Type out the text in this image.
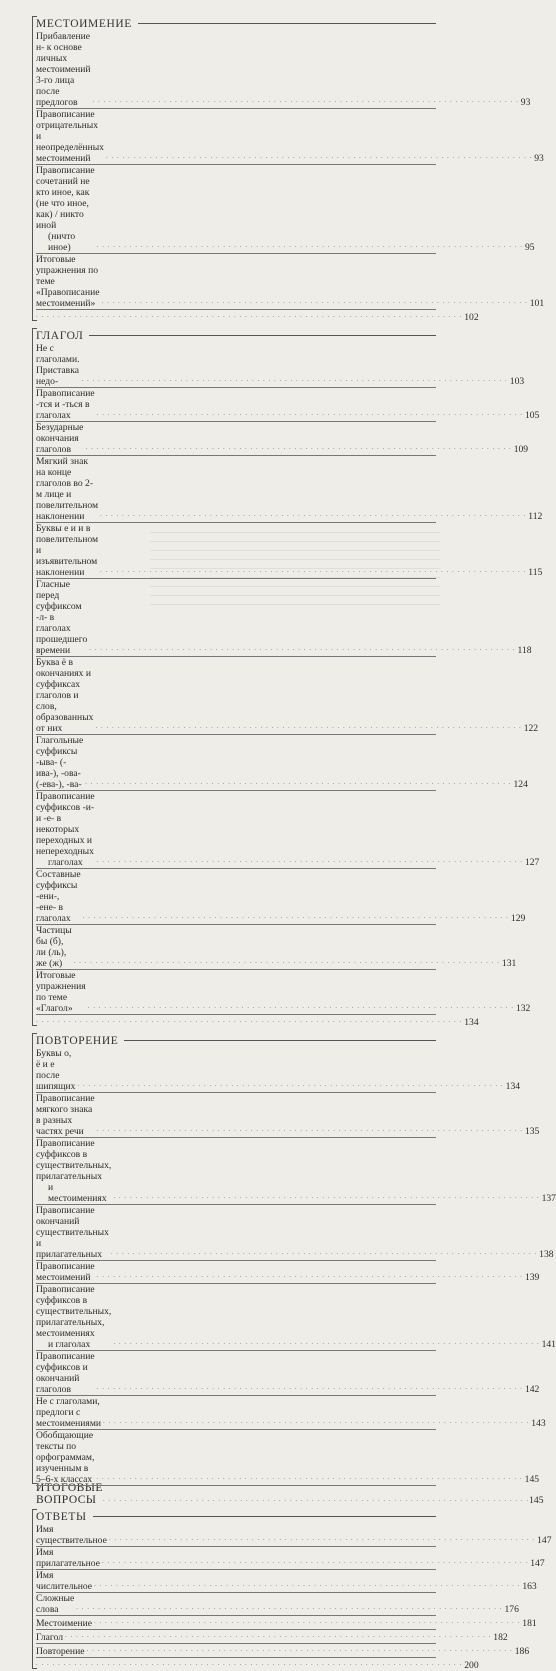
МЕСТОИМЕНИЕ
Прибавление н- к основе личных местоимений 3-го лица после предлогов	. . . . . . . . . . . . . . . . . . . . . . . . . . . . . . . . . . . . . . . . . . . . . . . . . . . . . . . . . . . . . . . . . . . . . . . . . . . . . . 93
Правописание отрицательных и неопределённых местоимений	. . . . . . . . . . . . . . . . . . . . . . . . . . . . . . . . . . . . . . . . . . . . . . . . . . . . . . . . . . . . . . . . . . . . . . . . . . . . . . 93
Правописание сочетаний не кто иное, как (не что иное, как) / никто иной
(ничто иное)	. . . . . . . . . . . . . . . . . . . . . . . . . . . . . . . . . . . . . . . . . . . . . . . . . . . . . . . . . . . . . . . . . . . . . . . . . . . . . . 95
Итоговые упражнения по теме «Правописание местоимений» . . . . . . . . . . . . . . . . . . . . . . . . . . . . . . . . . . . . . . . . . . . . . . . . . . . . . . . . . . . . . . . . . . . . . . . . . . . . . . 101
. . . . . . . . . . . . . . . . . . . . . . . . . . . . . . . . . . . . . . . . . . . . . . . . . . . . . . . . . . . . . . . . . . . . . . . . . . . . . . 102
ГЛАГОЛ
Не с глаголами. Приставка недо-	. . . . . . . . . . . . . . . . . . . . . . . . . . . . . . . . . . . . . . . . . . . . . . . . . . . . . . . . . . . . . . . . . . . . . . . . . . . . . . 103
Правописание -тся и -ться в глаголах	. . . . . . . . . . . . . . . . . . . . . . . . . . . . . . . . . . . . . . . . . . . . . . . . . . . . . . . . . . . . . . . . . . . . . . . . . . . . . . 105
Безударные окончания глаголов	. . . . . . . . . . . . . . . . . . . . . . . . . . . . . . . . . . . . . . . . . . . . . . . . . . . . . . . . . . . . . . . . . . . . . . . . . . . . . . 109
Мягкий знак на конце глаголов во 2-м лице и повелительном наклонении	. . . . . . . . . . . . . . . . . . . . . . . . . . . . . . . . . . . . . . . . . . . . . . . . . . . . . . . . . . . . . . . . . . . . . . . . . . . . . . 112
Буквы е и и в повелительном и изъявительном наклонении	. . . . . . . . . . . . . . . . . . . . . . . . . . . . . . . . . . . . . . . . . . . . . . . . . . . . . . . . . . . . . . . . . . . . . . . . . . . . . . 115
Гласные перед суффиксом -л- в глаголах прошедшего времени	. . . . . . . . . . . . . . . . . . . . . . . . . . . . . . . . . . . . . . . . . . . . . . . . . . . . . . . . . . . . . . . . . . . . . . . . . . . . . . 118
Буква ё в окончаниях и суффиксах глаголов и слов, образованных от них	. . . . . . . . . . . . . . . . . . . . . . . . . . . . . . . . . . . . . . . . . . . . . . . . . . . . . . . . . . . . . . . . . . . . . . . . . . . . . . 122
Глагольные суффиксы -ыва- (-ива-), -ова- (-ева-), -ва- . . . . . . . . . . . . . . . . . . . . . . . . . . . . . . . . . . . . . . . . . . . . . . . . . . . . . . . . . . . . . . . . . . . . . . . . . . . . . . 124
Правописание суффиксов -и- и -е- в некоторых переходных и непереходных
глаголах	. . . . . . . . . . . . . . . . . . . . . . . . . . . . . . . . . . . . . . . . . . . . . . . . . . . . . . . . . . . . . . . . . . . . . . . . . . . . . . 127
Составные суффиксы -ени-, -ене- в глаголах	. . . . . . . . . . . . . . . . . . . . . . . . . . . . . . . . . . . . . . . . . . . . . . . . . . . . . . . . . . . . . . . . . . . . . . . . . . . . . . 129
Частицы бы (б), ли (ль), же (ж)	. . . . . . . . . . . . . . . . . . . . . . . . . . . . . . . . . . . . . . . . . . . . . . . . . . . . . . . . . . . . . . . . . . . . . . . . . . . . . . 131
Итоговые упражнения по теме «Глагол»	. . . . . . . . . . . . . . . . . . . . . . . . . . . . . . . . . . . . . . . . . . . . . . . . . . . . . . . . . . . . . . . . . . . . . . . . . . . . . . 132
. . . . . . . . . . . . . . . . . . . . . . . . . . . . . . . . . . . . . . . . . . . . . . . . . . . . . . . . . . . . . . . . . . . . . . . . . . . . . . 134
ПОВТОРЕНИЕ
Буквы о, ё и е после шипящих . . . . . . . . . . . . . . . . . . . . . . . . . . . . . . . . . . . . . . . . . . . . . . . . . . . . . . . . . . . . . . . . . . . . . . . . . . . . . . 134
Правописание мягкого знака в разных частях речи	. . . . . . . . . . . . . . . . . . . . . . . . . . . . . . . . . . . . . . . . . . . . . . . . . . . . . . . . . . . . . . . . . . . . . . . . . . . . . . 135
Правописание суффиксов в существительных, прилагательных
и местоимениях . . . . . . . . . . . . . . . . . . . . . . . . . . . . . . . . . . . . . . . . . . . . . . . . . . . . . . . . . . . . . . . . . . . . . . . . . . . . . . 137
Правописание окончаний существительных и прилагательных	. . . . . . . . . . . . . . . . . . . . . . . . . . . . . . . . . . . . . . . . . . . . . . . . . . . . . . . . . . . . . . . . . . . . . . . . . . . . . . 138
Правописание местоимений . . . . . . . . . . . . . . . . . . . . . . . . . . . . . . . . . . . . . . . . . . . . . . . . . . . . . . . . . . . . . . . . . . . . . . . . . . . . . . 139
Правописание суффиксов в существительных, прилагательных, местоимениях
и глаголах	. . . . . . . . . . . . . . . . . . . . . . . . . . . . . . . . . . . . . . . . . . . . . . . . . . . . . . . . . . . . . . . . . . . . . . . . . . . . . . 141
Правописание суффиксов и окончаний глаголов	. . . . . . . . . . . . . . . . . . . . . . . . . . . . . . . . . . . . . . . . . . . . . . . . . . . . . . . . . . . . . . . . . . . . . . . . . . . . . . 142
Не с глаголами, предлоги с местоимениями . . . . . . . . . . . . . . . . . . . . . . . . . . . . . . . . . . . . . . . . . . . . . . . . . . . . . . . . . . . . . . . . . . . . . . . . . . . . . . 143
Обобщающие тексты по орфограммам, изученным в 5–6-х классах . . . . . . . . . . . . . . . . . . . . . . . . . . . . . . . . . . . . . . . . . . . . . . . . . . . . . . . . . . . . . . . . . . . . . . . . . . . . . . 145
ИТОГОВЫЕ ВОПРОСЫ . . . . . . . . . . . . . . . . . . . . . . . . . . . . . . . . . . . . . . . . . . . . . . . . . . . . . . . . . . . . . . . . . . . . . . . . . . . . . . 145
ОТВЕТЫ
Имя существительное . . . . . . . . . . . . . . . . . . . . . . . . . . . . . . . . . . . . . . . . . . . . . . . . . . . . . . . . . . . . . . . . . . . . . . . . . . . . . . 147
Имя прилагательное . . . . . . . . . . . . . . . . . . . . . . . . . . . . . . . . . . . . . . . . . . . . . . . . . . . . . . . . . . . . . . . . . . . . . . . . . . . . . . 147
Имя числительное . . . . . . . . . . . . . . . . . . . . . . . . . . . . . . . . . . . . . . . . . . . . . . . . . . . . . . . . . . . . . . . . . . . . . . . . . . . . . . 163
Сложные слова	. . . . . . . . . . . . . . . . . . . . . . . . . . . . . . . . . . . . . . . . . . . . . . . . . . . . . . . . . . . . . . . . . . . . . . . . . . . . . . 176
Местоимение . . . . . . . . . . . . . . . . . . . . . . . . . . . . . . . . . . . . . . . . . . . . . . . . . . . . . . . . . . . . . . . . . . . . . . . . . . . . . . 181
Глагол . . . . . . . . . . . . . . . . . . . . . . . . . . . . . . . . . . . . . . . . . . . . . . . . . . . . . . . . . . . . . . . . . . . . . . . . . . . . . . 182
Повторение . . . . . . . . . . . . . . . . . . . . . . . . . . . . . . . . . . . . . . . . . . . . . . . . . . . . . . . . . . . . . . . . . . . . . . . . . . . . . . 186
. . . . . . . . . . . . . . . . . . . . . . . . . . . . . . . . . . . . . . . . . . . . . . . . . . . . . . . . . . . . . . . . . . . . . . . . . . . . . . 200
